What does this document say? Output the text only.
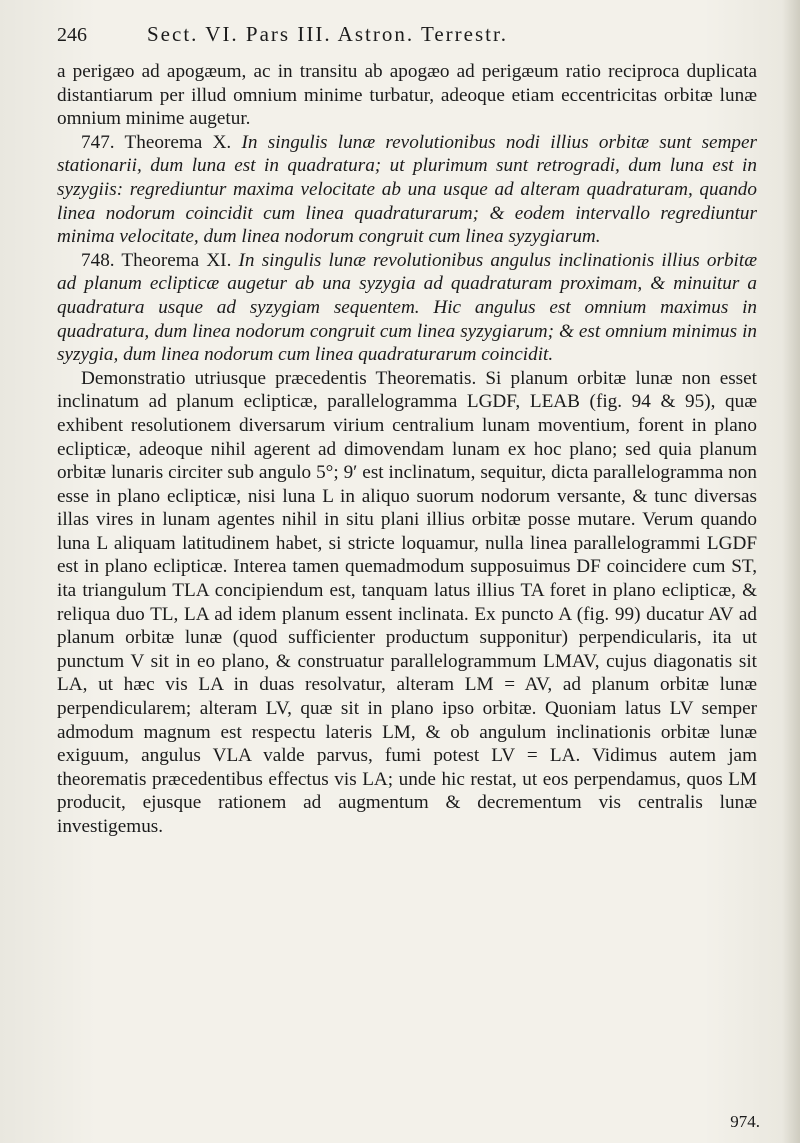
246	Sect. VI. Pars III. Astron. Terrestr.

a perigæo ad apogæum, ac in transitu ab apogæo ad perigæum ratio reciproca duplicata distantiarum per illud omnium minime turbatur, adeoque etiam eccentricitas orbitæ lunæ omnium minime augetur.

747. Theorema X. In singulis lunæ revolutionibus nodi illius orbitæ sunt semper stationarii, dum luna est in quadratura; ut plurimum sunt retrogradi, dum luna est in syzygiis: regrediuntur maxima velocitate ab una usque ad alteram quadraturam, quando linea nodorum coincidit cum linea quadraturarum; & eodem intervallo regrediuntur minima velocitate, dum linea nodorum congruit cum linea syzygiarum.

748. Theorema XI. In singulis lunæ revolutionibus angulus inclinationis illius orbitæ ad planum eclipticæ augetur ab una syzygia ad quadraturam proximam, & minuitur a quadratura usque ad syzygiam sequentem. Hic angulus est omnium maximus in quadratura, dum linea nodorum congruit cum linea syzygiarum; & est omnium minimus in syzygia, dum linea nodorum cum linea quadraturarum coincidit.

Demonstratio utriusque præcedentis Theorematis. Si planum orbitæ lunæ non esset inclinatum ad planum eclipticæ, parallelogramma LGDF, LEAB (fig. 94 & 95), quæ exhibent resolutionem diversarum virium centralium lunam moventium, forent in plano eclipticæ, adeoque nihil agerent ad dimovendam lunam ex hoc plano; sed quia planum orbitæ lunaris circiter sub angulo 5°; 9′ est inclinatum, sequitur, dicta parallelogramma non esse in plano eclipticæ, nisi luna L in aliquo suorum nodorum versante, & tunc diversas illas vires in lunam agentes nihil in situ plani illius orbitæ posse mutare. Verum quando luna L aliquam latitudinem habet, si stricte loquamur, nulla linea parallelogrammi LGDF est in plano eclipticæ. Interea tamen quemadmodum supposuimus DF coincidere cum ST, ita triangulum TLA concipiendum est, tanquam latus illius TA foret in plano eclipticæ, & reliqua duo TL, LA ad idem planum essent inclinata. Ex puncto A (fig. 99) ducatur AV ad planum orbitæ lunæ (quod sufficienter productum supponitur) perpendicularis, ita ut punctum V sit in eo plano, & construatur parallelogrammum LMAV, cujus diagonatis sit LA, ut hæc vis LA in duas resolvatur, alteram LM = AV, ad planum orbitæ lunæ perpendicularem; alteram LV, quæ sit in plano ipso orbitæ. Quoniam latus LV semper admodum magnum est respectu lateris LM, & ob angulum inclinationis orbitæ lunæ exiguum, angulus VLA valde parvus, fumi potest LV = LA. Vidimus autem jam theorematis præcedentibus effectus vis LA; unde hic restat, ut eos perpendamus, quos LM producit, ejusque rationem ad augmentum & decrementum vis centralis lunæ investigemus.

974.
